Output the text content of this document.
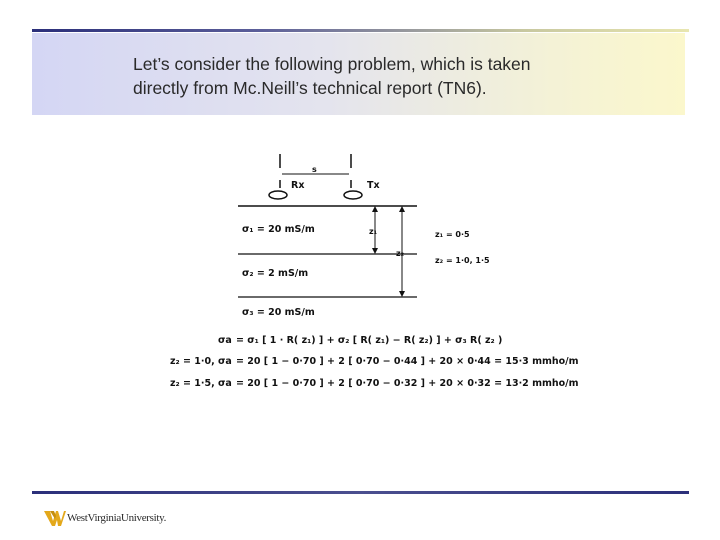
Let’s consider the following problem, which is taken
directly from Mc.Neill’s technical report (TN6).

s
Rx	Tx
σ₁ = 20 mS/m
σ₂ = 2 mS/m
σ₃ = 20 mS/m
z₁
z₂
z₁ = 0·5
z₂ = 1·0, 1·5
σa = σ₁ [ 1 · R( z₁) ] + σ₂ [ R( z₁) − R( z₂) ] + σ₃ R( z₂ )
z₂ = 1·0, σa = 20 [ 1 − 0·70 ] + 2 [ 0·70 − 0·44 ] + 20 × 0·44 = 15·3 mmho/m
z₂ = 1·5, σa = 20 [ 1 − 0·70 ] + 2 [ 0·70 − 0·32 ] + 20 × 0·32 = 13·2 mmho/m
WestVirginiaUniversity.
